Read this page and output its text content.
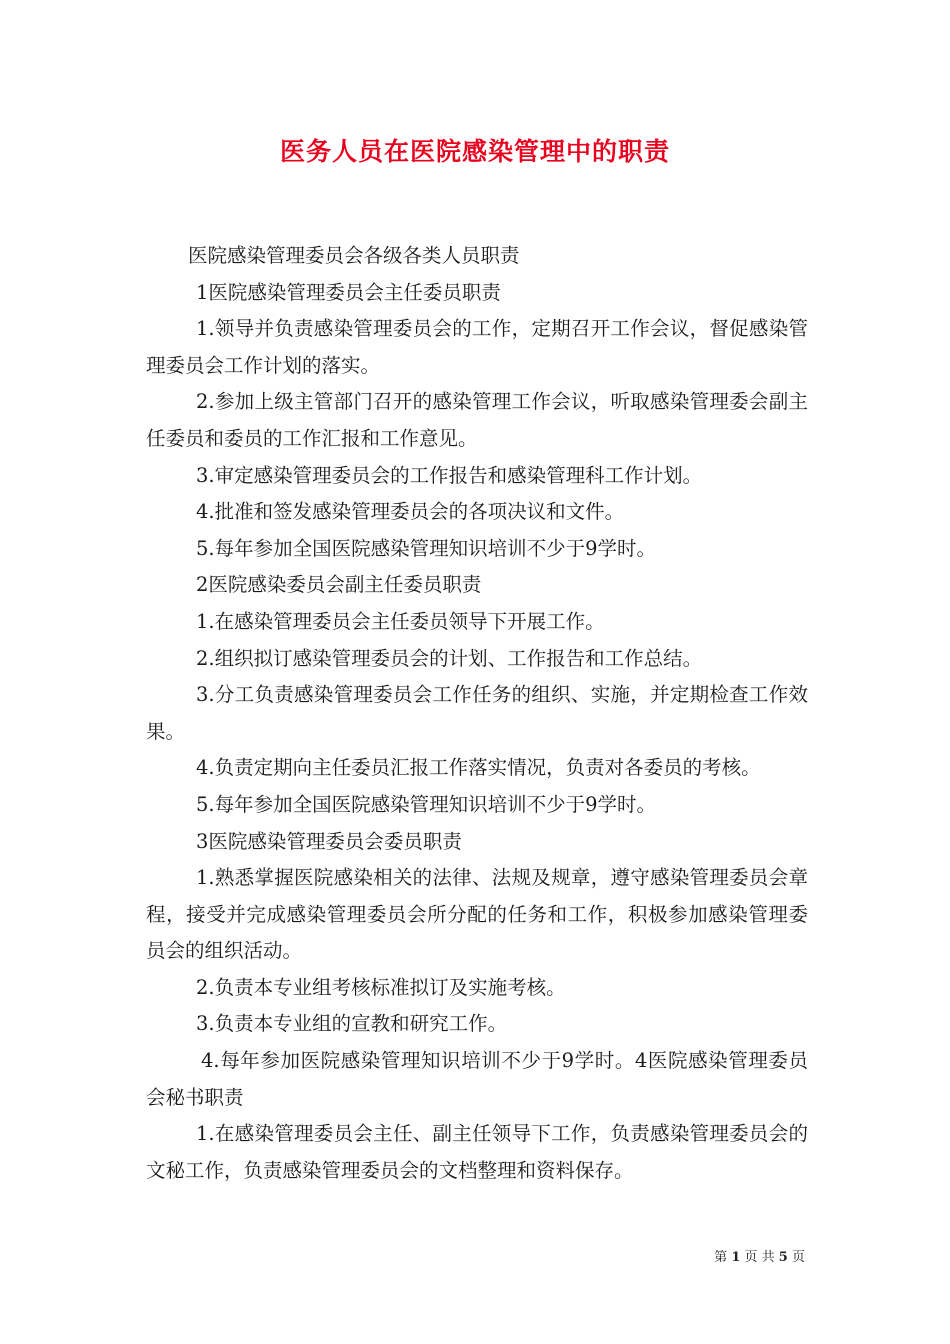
医务人员在医院感染管理中的职责

医院感染管理委员会各级各类人员职责

1医院感染管理委员会主任委员职责

1.领导并负责感染管理委员会的工作，定期召开工作会议，督促感染管理委员会工作计划的落实。

2.参加上级主管部门召开的感染管理工作会议，听取感染管理委会副主任委员和委员的工作汇报和工作意见。

3.审定感染管理委员会的工作报告和感染管理科工作计划。

4.批准和签发感染管理委员会的各项决议和文件。

5.每年参加全国医院感染管理知识培训不少于9学时。

2医院感染委员会副主任委员职责

1.在感染管理委员会主任委员领导下开展工作。

2.组织拟订感染管理委员会的计划、工作报告和工作总结。

3.分工负责感染管理委员会工作任务的组织、实施，并定期检查工作效果。

4.负责定期向主任委员汇报工作落实情况，负责对各委员的考核。

5.每年参加全国医院感染管理知识培训不少于9学时。

3医院感染管理委员会委员职责

1.熟悉掌握医院感染相关的法律、法规及规章，遵守感染管理委员会章程，接受并完成感染管理委员会所分配的任务和工作，积极参加感染管理委员会的组织活动。

2.负责本专业组考核标准拟订及实施考核。

3.负责本专业组的宣教和研究工作。

4.每年参加医院感染管理知识培训不少于9学时。4医院感染管理委员会秘书职责

1.在感染管理委员会主任、副主任领导下工作，负责感染管理委员会的文秘工作，负责感染管理委员会的文档整理和资料保存。

第 1 页 共 5 页
